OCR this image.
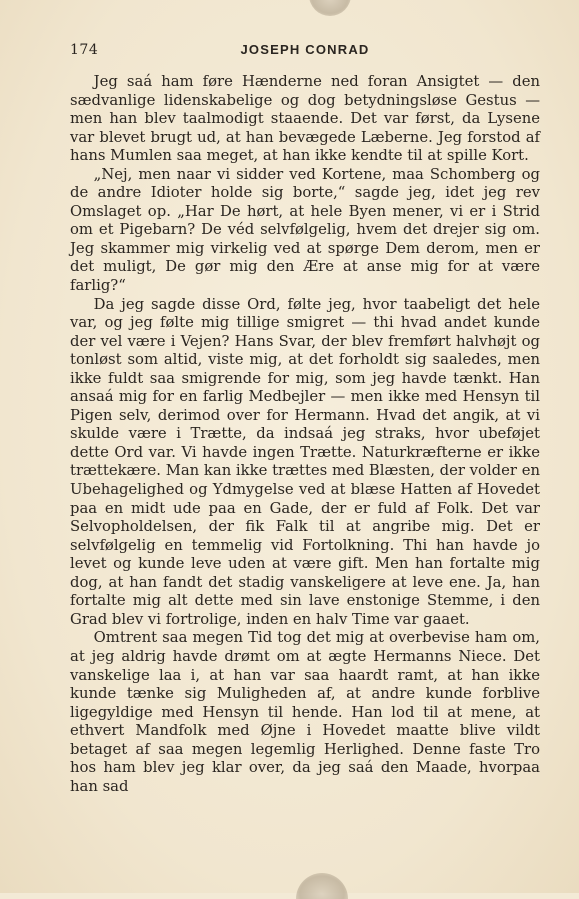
174	JOSEPH CONRAD

Jeg saá ham føre Hænderne ned foran Ansigtet — den sædvanlige lidenskabelige og dog betydningsløse Gestus — men han blev taalmodigt staaende. Det var først, da Lysene var blevet brugt ud, at han bevægede Læberne. Jeg forstod af hans Mumlen saa meget, at han ikke kendte til at spille Kort.

„Nej, men naar vi sidder ved Kortene, maa Schomberg og de andre Idioter holde sig borte,“ sagde jeg, idet jeg rev Omslaget op. „Har De hørt, at hele Byen mener, vi er i Strid om et Pigebarn? De véd selvfølgelig, hvem det drejer sig om. Jeg skammer mig virkelig ved at spørge Dem derom, men er det muligt, De gør mig den Ære at anse mig for at være farlig?“

Da jeg sagde disse Ord, følte jeg, hvor taabeligt det hele var, og jeg følte mig tillige smigret — thi hvad andet kunde der vel være i Vejen? Hans Svar, der blev fremført halvhøjt og tonløst som altid, viste mig, at det forholdt sig saaledes, men ikke fuldt saa smigrende for mig, som jeg havde tænkt. Han ansaá mig for en farlig Medbejler — men ikke med Hensyn til Pigen selv, derimod over for Hermann. Hvad det angik, at vi skulde være i Trætte, da indsaá jeg straks, hvor ubeføjet dette Ord var. Vi havde ingen Trætte. Naturkræfterne er ikke trættekære. Man kan ikke trættes med Blæsten, der volder en Ubehagelighed og Ydmygelse ved at blæse Hatten af Hovedet paa en midt ude paa en Gade, der er fuld af Folk. Det var Selvopholdelsen, der fik Falk til at angribe mig. Det er selvfølgelig en temmelig vid Fortolkning. Thi han havde jo levet og kunde leve uden at være gift. Men han fortalte mig dog, at han fandt det stadig vanskeligere at leve ene. Ja, han fortalte mig alt dette med sin lave enstonige Stemme, i den Grad blev vi fortrolige, inden en halv Time var gaaet.

Omtrent saa megen Tid tog det mig at overbevise ham om, at jeg aldrig havde drømt om at ægte Hermanns Niece. Det vanskelige laa i, at han var saa haardt ramt, at han ikke kunde tænke sig Muligheden af, at andre kunde forblive ligegyldige med Hensyn til hende. Han lod til at mene, at ethvert Mandfolk med Øjne i Hovedet maatte blive vildt betaget af saa megen legemlig Herlighed. Denne faste Tro hos ham blev jeg klar over, da jeg saá den Maade, hvorpaa han sad
